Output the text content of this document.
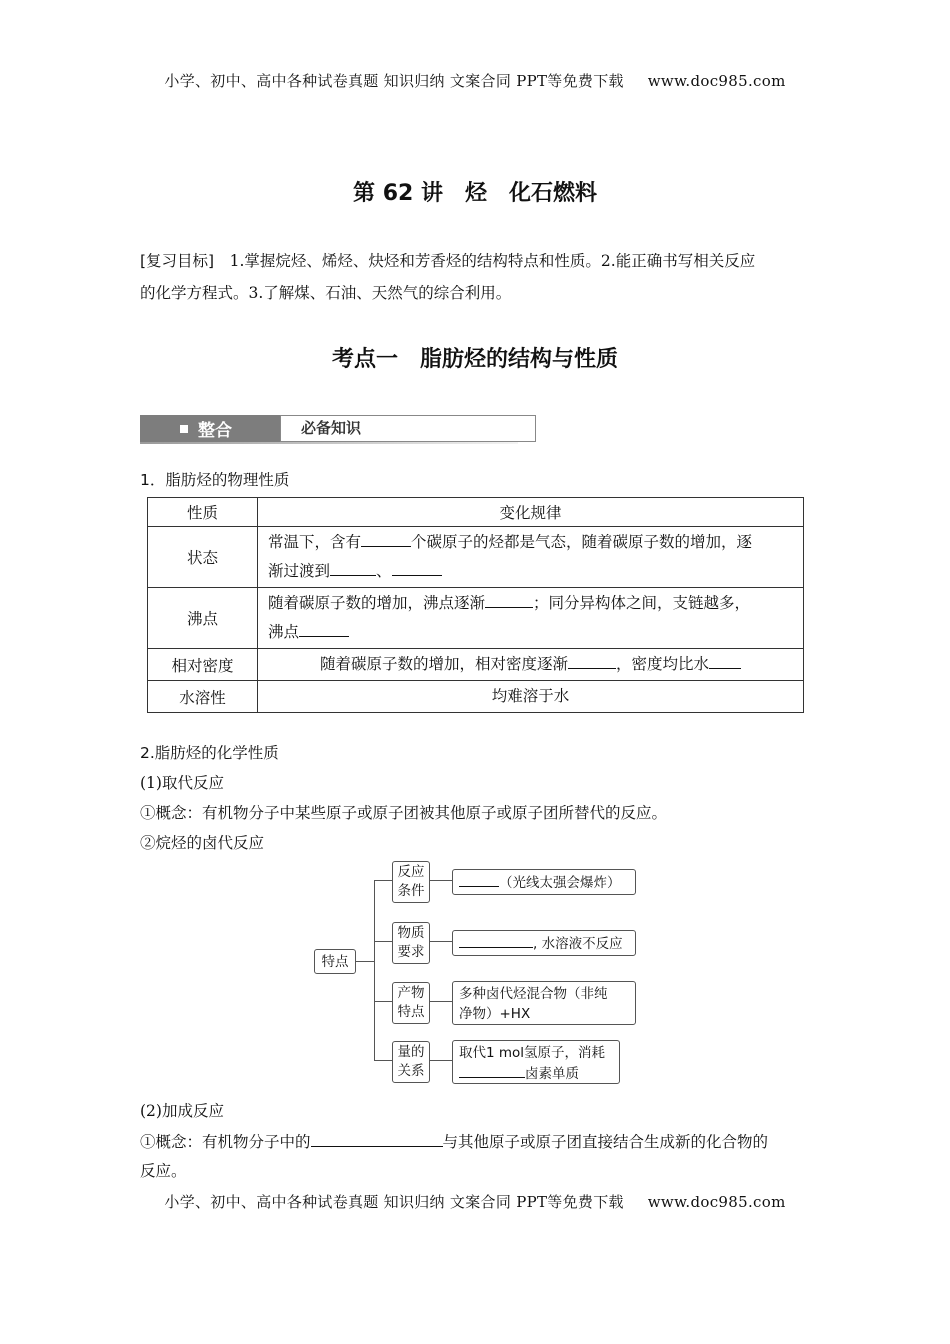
小学、初中、高中各种试卷真题 知识归纳 文案合同 PPT等免费下载 www.doc985.com
第 62 讲　烃　化石燃料
[复习目标]　1.掌握烷烃、烯烃、炔烃和芳香烃的结构特点和性质。2.能正确书写相关反应
的化学方程式。3.了解煤、石油、天然气的综合利用。
考点一　脂肪烃的结构与性质
整合	必备知识
1．脂肪烃的物理性质
性质	变化规律
状态	常温下，含有 个碳原子的烃都是气态，随着碳原子数的增加，逐
渐过渡到 、
沸点	随着碳原子数的增加，沸点逐渐 ；同分异构体之间，支链越多，
沸点
相对密度	随着碳原子数的增加，相对密度逐渐 ，密度均比水
水溶性	均难溶于水
2.脂肪烃的化学性质
(1)取代反应
①概念：有机物分子中某些原子或原子团被其他原子或原子团所替代的反应。
②烷烃的卤代反应
特点
反应
条件	（光线太强会爆炸）
物质
要求	, 水溶液不反应
产物
特点
多种卤代烃混合物（非纯
净物）+HX
量的
关系
取代1 mol氢原子，消耗
卤素单质
(2)加成反应
①概念：有机物分子中的	与其他原子或原子团直接结合生成新的化合物的
反应。
小学、初中、高中各种试卷真题 知识归纳 文案合同 PPT等免费下载 www.doc985.com
